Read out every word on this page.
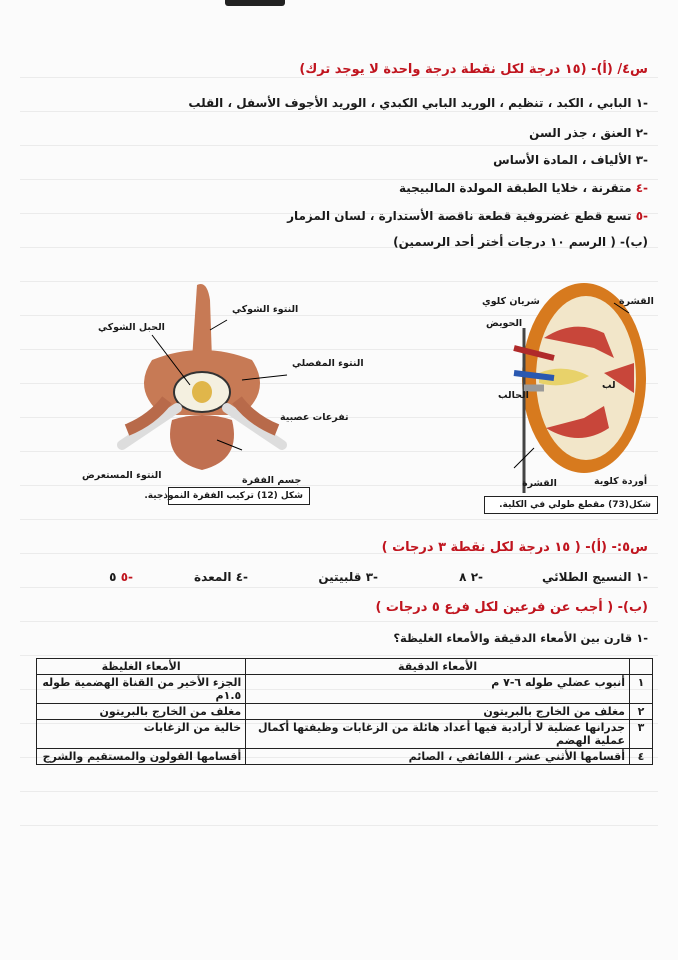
س٤/ (أ)- (١٥ درجة لكل نقطة درجة واحدة لا يوجد ترك)
-١ البابي ، الكبد ، تنظيم ، الوريد البابي الكبدي ، الوريد الأجوف الأسفل ، القلب
-٢ العنق ، جذر السن
-٣ الألياف ، المادة الأساس
-٤ متقرنة ، خلايا الطبقة المولدة المالبيجية
-٥ تسع قطع غضروفية قطعة ناقصة الأستدارة ، لسان المزمار
(ب)- ( الرسم ١٠ درجات أختر أحد الرسمين)
شريان كلوي
الحويض
الحالب
القشرة
القشرة
لب
أوردة كلوية
شكل(73) مقطع طولي في الكلية.
النتوء الشوكي
الحبل الشوكي
النتوء المفصلي
تفرعات عصبية
النتوء المستعرض	جسم الفقرة
شكل (12) تركيب الفقرة النموذجية.
س٥:- (أ)- ( ١٥ درجة لكل نقطة ٣ درجات )
-١ النسيج الطلائي
-٢ ٨
-٣ قلبيتين
-٤ المعدة
-٥ ٥
(ب)- ( أجب عن فرعين لكل فرع ٥ درجات )
-١ قارن بين الأمعاء الدقيقة والأمعاء الغليظة؟
	الأمعاء الدقيقة	الأمعاء الغليظة
١	أنبوب عضلي طوله ٦-٧ م	الجزء الأخير من القناة الهضمية طوله ١.٥م
٢	مغلف من الخارج بالبريتون	مغلف من الخارج بالبريتون
٣	جدرانها عضلية لا أرادية فيها أعداد هائلة من الزغابات وظيفتها أكمال عملية الهضم	خالية من الزغابات
٤	أقسامها الأثني عشر ، اللفائفي ، الصائم	أقسامها القولون والمستقيم والشرج
